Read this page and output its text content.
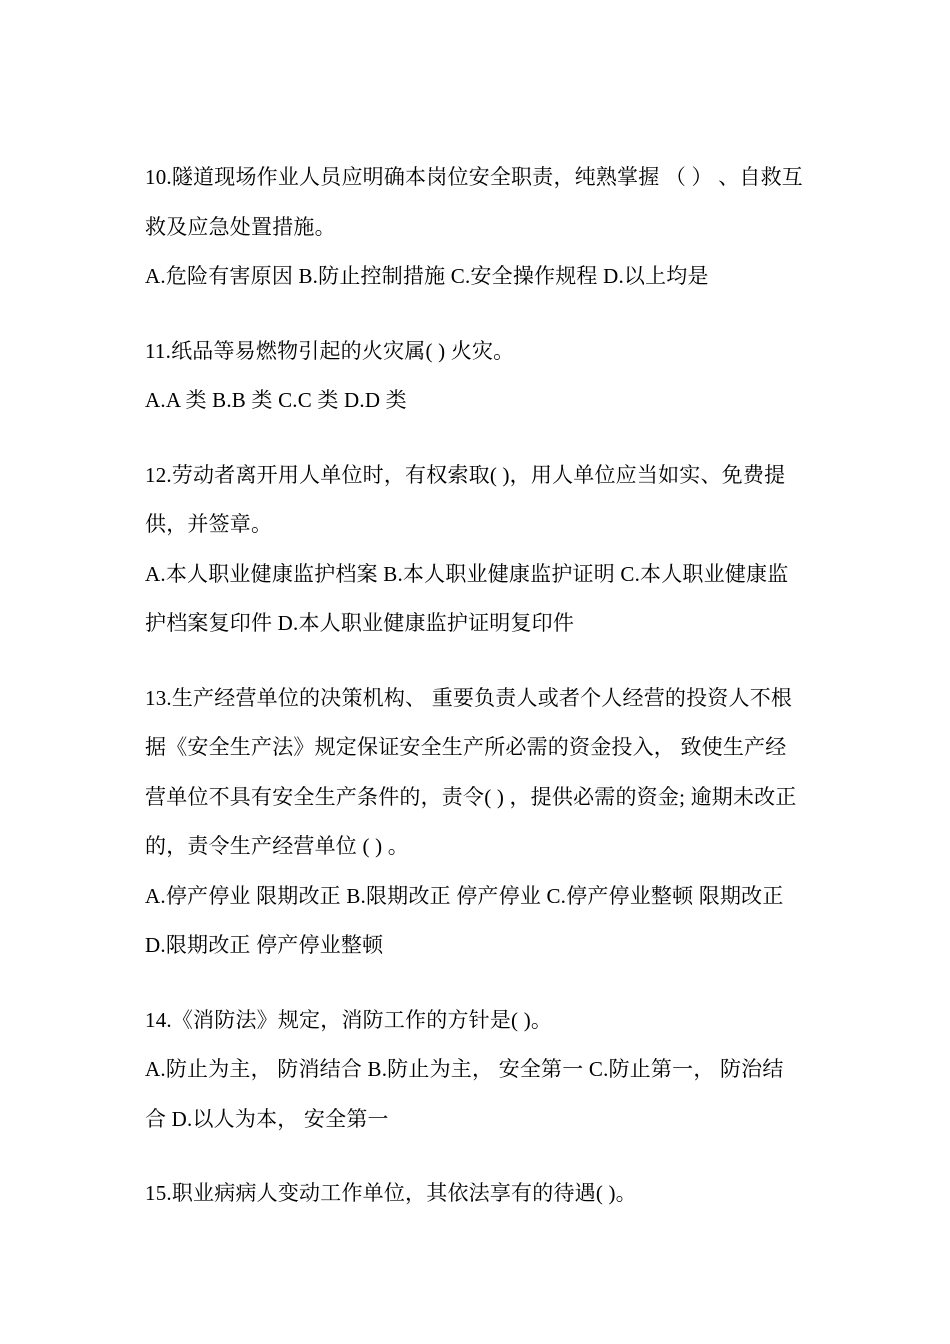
10.隧道现场作业人员应明确本岗位安全职责，纯熟掌握 （ ） 、自救互
救及应急处置措施。
A.危险有害原因 B.防止控制措施 C.安全操作规程 D.以上均是
11.纸品等易燃物引起的火灾属( ) 火灾。
A.A 类 B.B 类 C.C 类 D.D 类
12.劳动者离开用人单位时，有权索取( )，用人单位应当如实、免费提
供，并签章。
A.本人职业健康监护档案 B.本人职业健康监护证明 C.本人职业健康监
护档案复印件 D.本人职业健康监护证明复印件
13.生产经营单位的决策机构、 重要负责人或者个人经营的投资人不根
据《安全生产法》规定保证安全生产所必需的资金投入， 致使生产经
营单位不具有安全生产条件的，责令( ) ，提供必需的资金; 逾期未改正
的，责令生产经营单位 ( ) 。
A.停产停业 限期改正 B.限期改正 停产停业 C.停产停业整顿 限期改正
D.限期改正 停产停业整顿
14.《消防法》规定，消防工作的方针是( )。
A.防止为主， 防消结合 B.防止为主， 安全第一 C.防止第一， 防治结
合 D.以人为本， 安全第一
15.职业病病人变动工作单位，其依法享有的待遇( )。
